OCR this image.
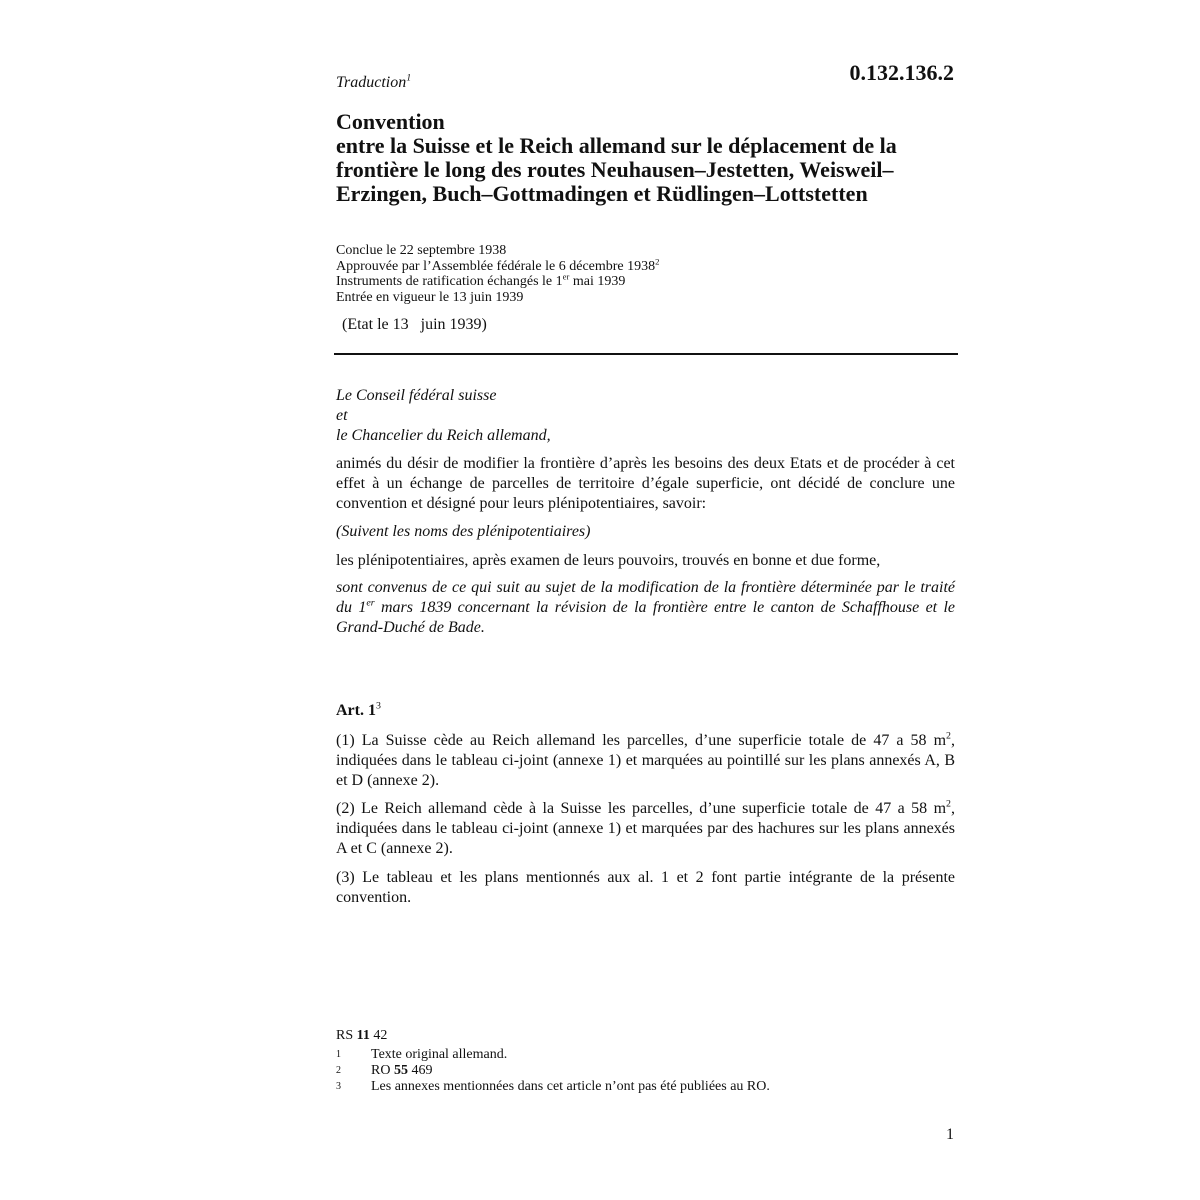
Traduction$^1$	0.132.136.2
Convention
entre la Suisse et le Reich allemand sur le déplacement de la
frontière le long des routes Neuhausen–Jestetten, Weisweil–
Erzingen, Buch–Gottmadingen et Rüdlingen–Lottstetten
Conclue le 22 septembre 1938
Approuvée par l’Assemblée fédérale le 6 décembre 1938$^2$
Instruments de ratification échangés le 1er mai 1939
Entrée en vigueur le 13 juin 1939
(Etat le 13   juin 1939)
Le Conseil fédéral suisse
et
le Chancelier du Reich allemand,
animés du désir de modifier la frontière d’après les besoins des deux Etats et de procéder à cet effet à un échange de parcelles de territoire d’égale superficie, ont décidé de conclure une convention et désigné pour leurs plénipotentiaires, savoir:
(Suivent les noms des plénipotentiaires)
les plénipotentiaires, après examen de leurs pouvoirs, trouvés en bonne et due forme,
sont convenus de ce qui suit au sujet de la modification de la frontière déterminée par le traité du 1er mars 1839 concernant la révision de la frontière entre le canton de Schaffhouse et le Grand-Duché de Bade.
Art. $1^3$
(1) La Suisse cède au Reich allemand les parcelles, d’une superficie totale de 47 a 58 $m^2$, indiquées dans le tableau ci-joint (annexe 1) et marquées au pointillé sur les plans annexés A, B et D (annexe 2).
(2) Le Reich allemand cède à la Suisse les parcelles, d’une superficie totale de 47 a 58 $m^2$, indiquées dans le tableau ci-joint (annexe 1) et marquées par des hachures sur les plans annexés A et C (annexe 2).
(3) Le tableau et les plans mentionnés aux al. 1 et 2 font partie intégrante de la présente convention.
RS 11 42
1	Texte original allemand.
2	RO 55 469
3	Les annexes mentionnées dans cet article n’ont pas été publiées au RO.
1
